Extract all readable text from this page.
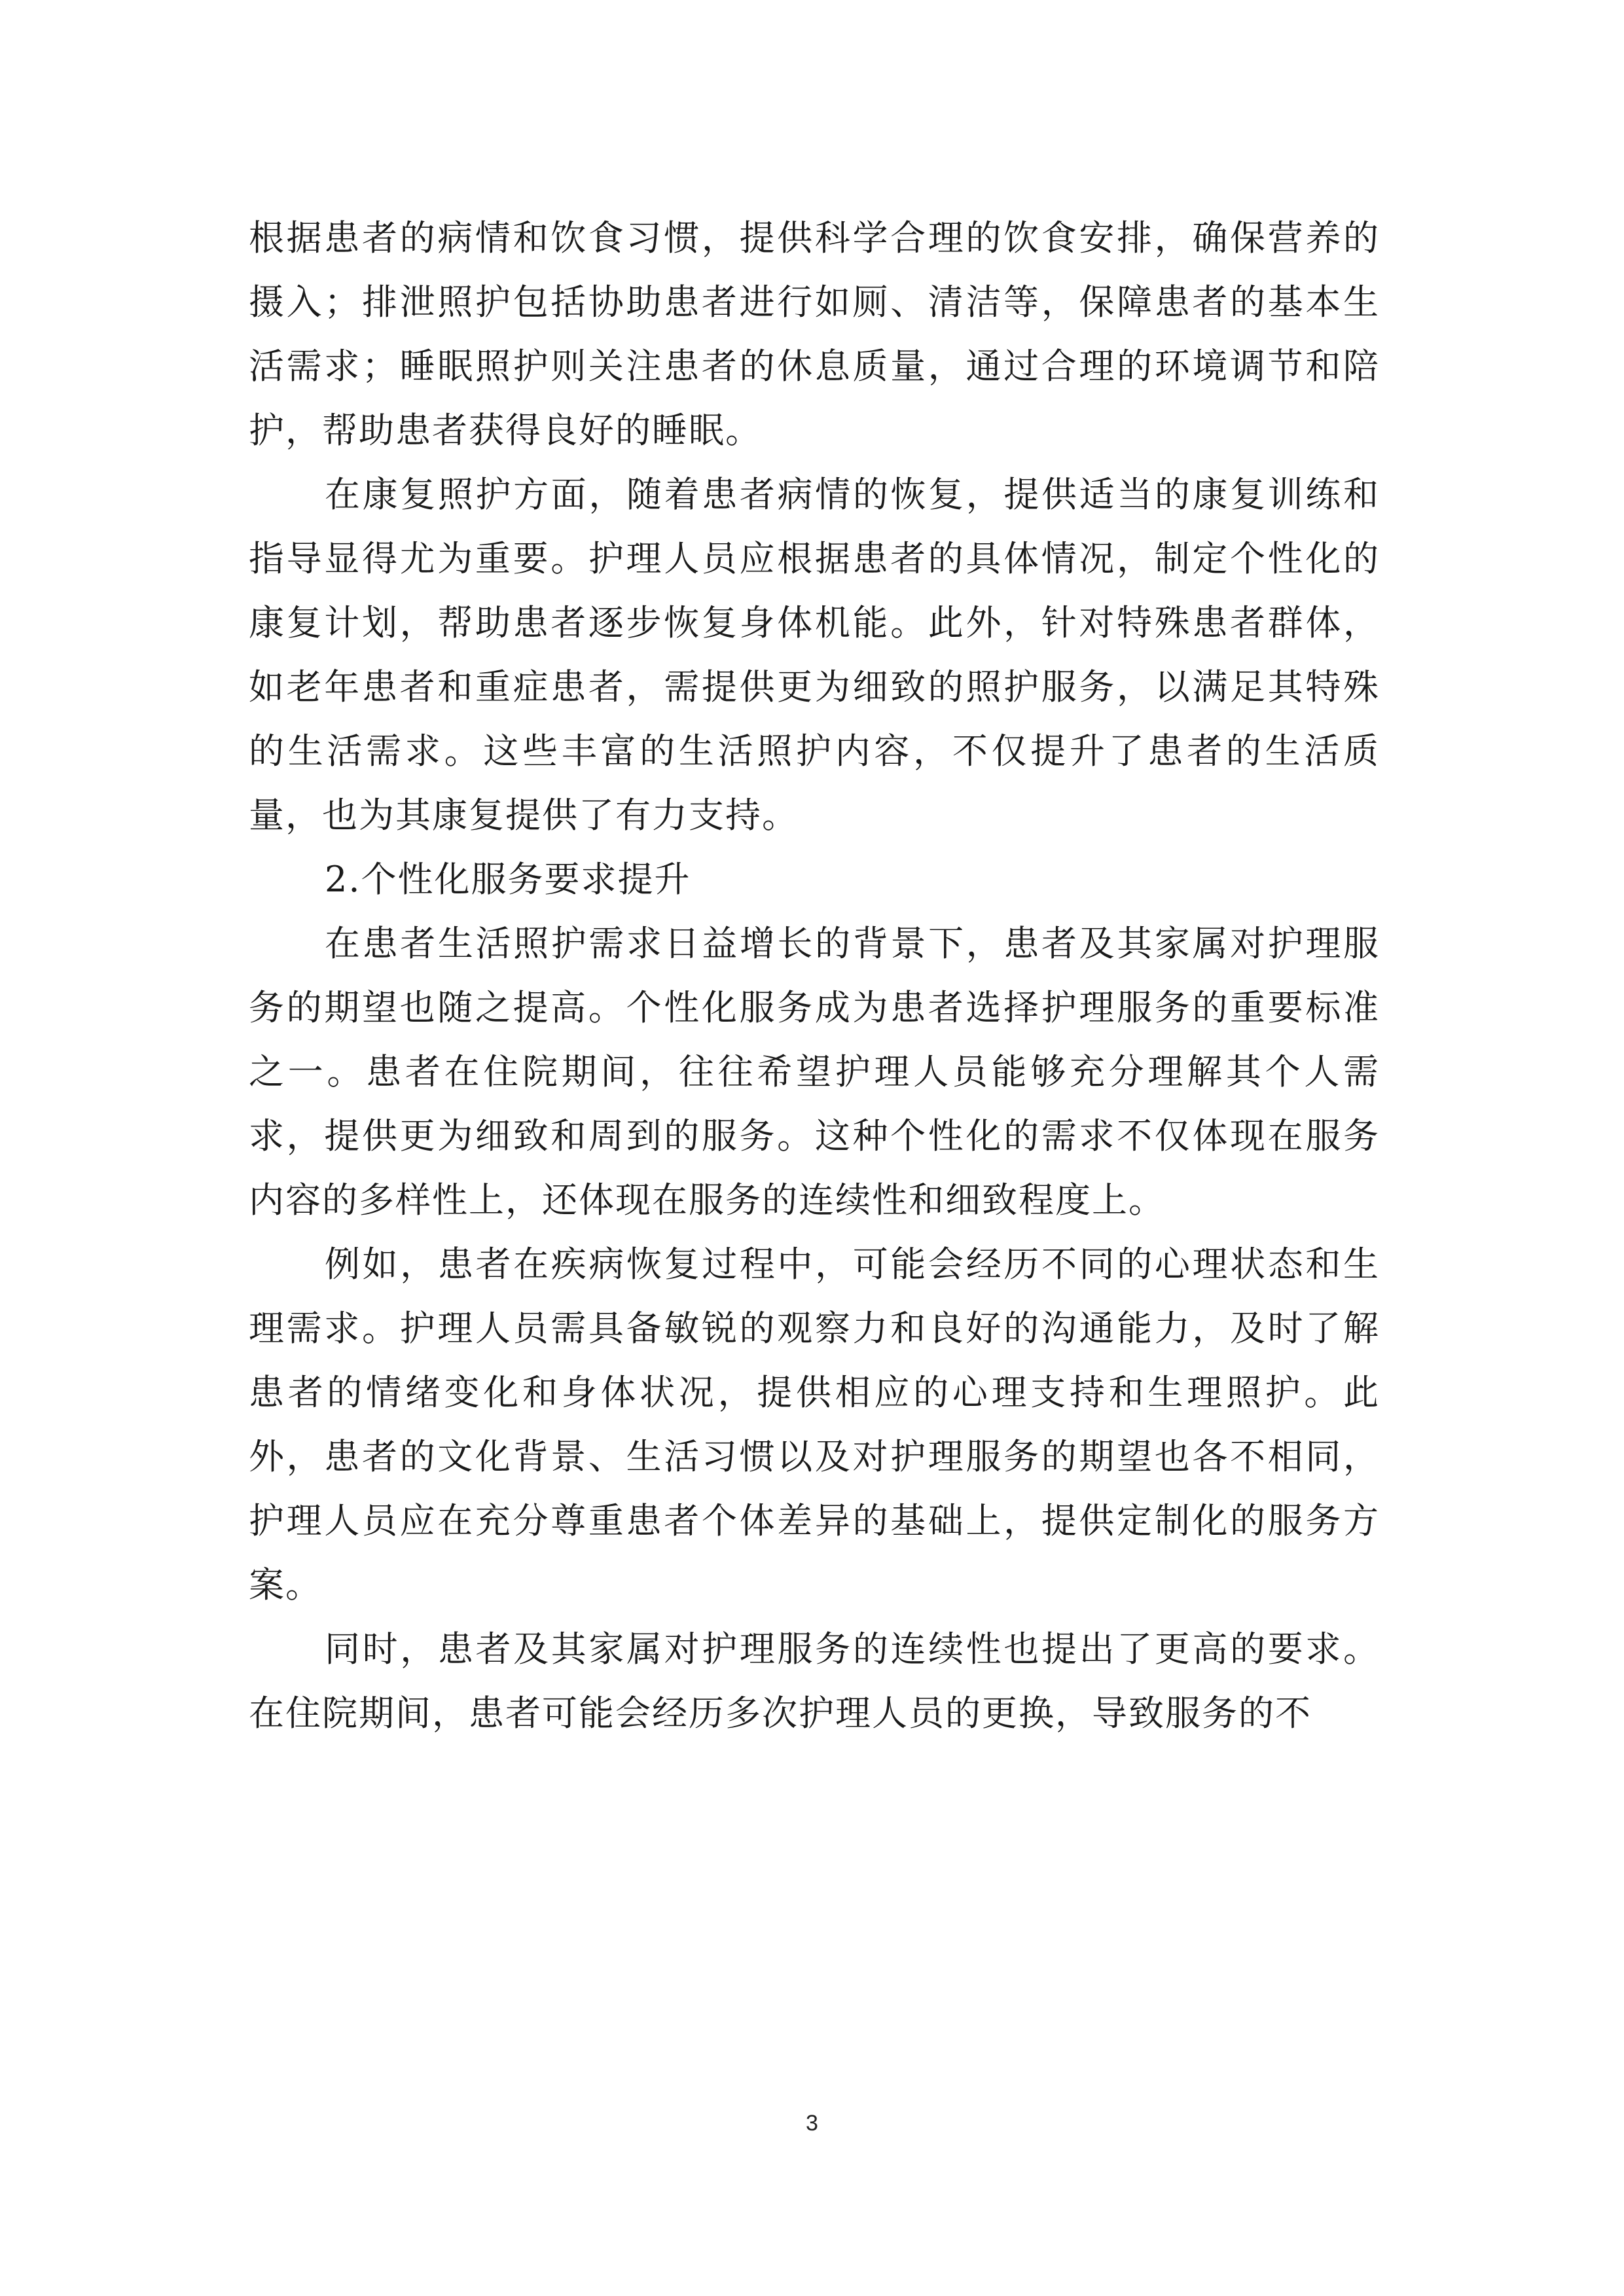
根据患者的病情和饮食习惯，提供科学合理的饮食安排，确保营养的摄入；排泄照护包括协助患者进行如厕、清洁等，保障患者的基本生活需求；睡眠照护则关注患者的休息质量，通过合理的环境调节和陪护，帮助患者获得良好的睡眠。

在康复照护方面，随着患者病情的恢复，提供适当的康复训练和指导显得尤为重要。护理人员应根据患者的具体情况，制定个性化的康复计划，帮助患者逐步恢复身体机能。此外，针对特殊患者群体，如老年患者和重症患者，需提供更为细致的照护服务，以满足其特殊的生活需求。这些丰富的生活照护内容，不仅提升了患者的生活质量，也为其康复提供了有力支持。

2.个性化服务要求提升

在患者生活照护需求日益增长的背景下，患者及其家属对护理服务的期望也随之提高。个性化服务成为患者选择护理服务的重要标准之一。患者在住院期间，往往希望护理人员能够充分理解其个人需求，提供更为细致和周到的服务。这种个性化的需求不仅体现在服务内容的多样性上，还体现在服务的连续性和细致程度上。

例如，患者在疾病恢复过程中，可能会经历不同的心理状态和生理需求。护理人员需具备敏锐的观察力和良好的沟通能力，及时了解患者的情绪变化和身体状况，提供相应的心理支持和生理照护。此外，患者的文化背景、生活习惯以及对护理服务的期望也各不相同，护理人员应在充分尊重患者个体差异的基础上，提供定制化的服务方案。

同时，患者及其家属对护理服务的连续性也提出了更高的要求。在住院期间，患者可能会经历多次护理人员的更换，导致服务的不

3
